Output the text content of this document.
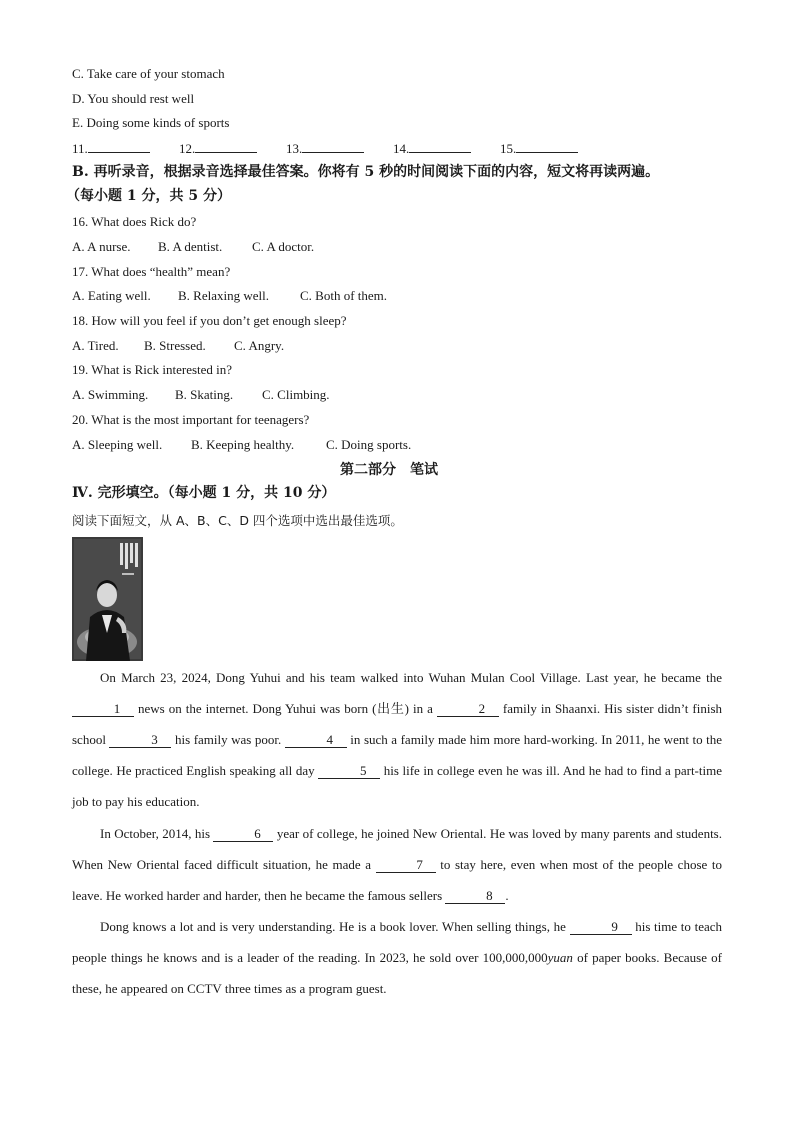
C. Take care of your stomach
D. You should rest well
E. Doing some kinds of sports
11.	12.	13.	14.	15.
B. 再听录音，根据录音选择最佳答案。你将有 5 秒的时间阅读下面的内容，短文将再读两遍。
（每小题 1 分，共 5 分）
16. What does Rick do?
A. A nurse. B. A dentist. C. A doctor.
17. What does “health” mean?
A. Eating well. B. Relaxing well. C. Both of them.
18. How will you feel if you don’t get enough sleep?
A. Tired. B. Stressed. C. Angry.
19. What is Rick interested in?
A. Swimming. B. Skating. C. Climbing.
20. What is the most important for teenagers?
A. Sleeping well. B. Keeping healthy. C. Doing sports.
第二部分　笔试
Ⅳ. 完形填空。（每小题 1 分，共 10 分）
阅读下面短文，从 A、B、C、D 四个选项中选出最佳选项。

On March 23, 2024, Dong Yuhui and his team walked into Wuhan Mulan Cool Village. Last year, he became the 1 news on the internet. Dong Yuhui was born (出生) in a	2 family in Shaanxi. His sister didn’t finish school	3 his family was poor.	4 in such a family made him more hard-working. In 2011, he went to the college. He practiced English speaking all day	5 his life in college even he was ill. And he had to find a part-time job to pay his education.

In October, 2014, his	6 year of college, he joined New Oriental. He was loved by many parents and students. When New Oriental faced difficult situation, he made a	7 to stay here, even when most of the people chose to leave. He worked harder and harder, then he became the famous sellers	8 .

Dong knows a lot and is very understanding. He is a book lover. When selling things, he	9 his time to teach people things he knows and is a leader of the reading. In 2023, he sold over 100,000,000yuan of paper books. Because of these, he appeared on CCTV three times as a program guest.
